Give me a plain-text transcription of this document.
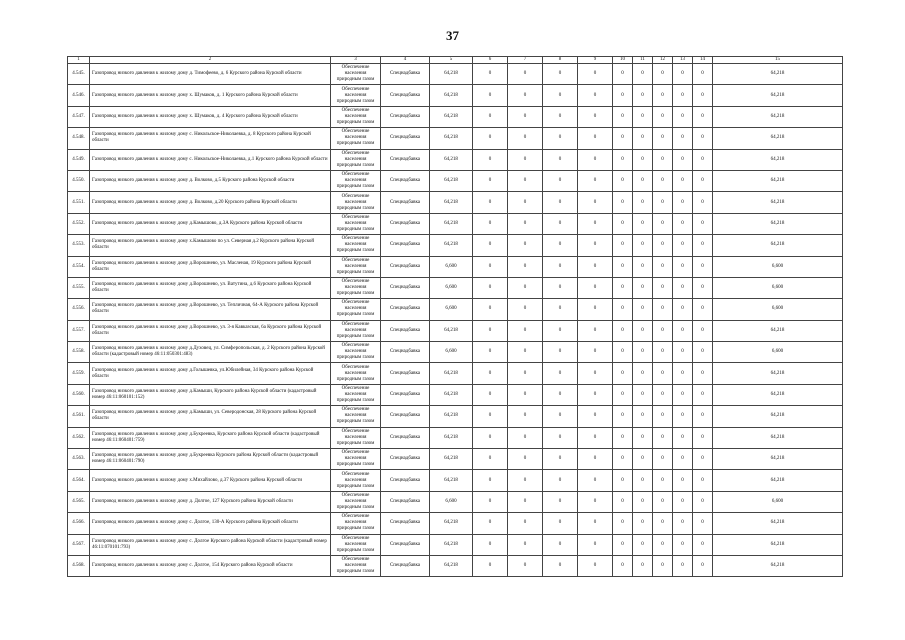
37
1	2	3	4	5	6	7	8	9	10	11	12	13	14	15
4.545.	Газопровод низкого давления к жилому дому д. Тимофеево, д. 6 Курского района Курской области	Обеспечение населения природным газом	Спецнадбавка	64,218	0	0	0	0	0	0	0	0	0	64,218
4.546.	Газопровод низкого давления к жилому дому х. Шумаков, д. 1 Курского района Курской области	Обеспечение населения природным газом	Спецнадбавка	64,218	0	0	0	0	0	0	0	0	0	64,218
4.547.	Газопровод низкого давления к жилому дому х. Шумаков, д. 4 Курского района Курской области	Обеспечение населения природным газом	Спецнадбавка	64,218	0	0	0	0	0	0	0	0	0	64,218
4.548.	Газопровод низкого давления к жилому дому с. Никольское-Николаевка, д. 8 Курского района Курской области	Обеспечение населения природным газом	Спецнадбавка	64,218	0	0	0	0	0	0	0	0	0	64,218
4.549.	Газопровод низкого давления к жилому дому с. Никольское-Николаевка, д.1 Курского района Курской области	Обеспечение населения природным газом	Спецнадбавка	64,218	0	0	0	0	0	0	0	0	0	64,218
4.550.	Газопровод низкого давления к жилому дому д. Волково, д.5 Курского района Курской области	Обеспечение населения природным газом	Спецнадбавка	64,218	0	0	0	0	0	0	0	0	0	64,218
4.551.	Газопровод низкого давления к жилому дому д. Волково, д.20 Курского района Курской области	Обеспечение населения природным газом	Спецнадбавка	64,218	0	0	0	0	0	0	0	0	0	64,218
4.552.	Газопровод низкого давления к жилому дому д.Камышово, д.3А Курского района Курской области	Обеспечение населения природным газом	Спецнадбавка	64,218	0	0	0	0	0	0	0	0	0	64,218
4.553.	Газопровод низкого давления к жилому дому х.Камышово по ул. Северная д.2 Курского района Курской области	Обеспечение населения природным газом	Спецнадбавка	64,218	0	0	0	0	0	0	0	0	0	64,218
4.554.	Газопровод низкого давления к жилому дому д.Ворошнево, ул. Масленая, 19 Курского района Курской области	Обеспечение населения природным газом	Спецнадбавка	6,600	0	0	0	0	0	0	0	0	0	6,600
4.555.	Газопровод низкого давления к жилому дому д.Ворошнево, ул. Ватутина, д.6 Курского района Курской области	Обеспечение населения природным газом	Спецнадбавка	6,600	0	0	0	0	0	0	0	0	0	6,600
4.556.	Газопровод низкого давления к жилому дому д.Ворошнево, ул. Тепличная, 64-А Курского района Курской области	Обеспечение населения природным газом	Спецнадбавка	6,600	0	0	0	0	0	0	0	0	0	6,600
4.557.	Газопровод низкого давления к жилому дому д.Ворошнево, ул. 3-я Кавказская, 6а Курского района Курской области	Обеспечение населения природным газом	Спецнадбавка	64,218	0	0	0	0	0	0	0	0	0	64,218
4.558.	Газопровод низкого давления к жилому дому д.Духовец, ул. Симферопольская, д. 2 Курского района Курской области (кадастровый номер 46:11:050301:483)	Обеспечение населения природным газом	Спецнадбавка	6,600	0	0	0	0	0	0	0	0	0	6,600
4.559.	Газопровод низкого давления к жилому дому д.Голышевка, ул.Юбилейная, 34 Курского района Курской области	Обеспечение населения природным газом	Спецнадбавка	64,218	0	0	0	0	0	0	0	0	0	64,218
4.560.	Газопровод низкого давления к жилому дому д.Камыши, Курского района Курской области (кадастровый номер 46:11:060101:152)	Обеспечение населения природным газом	Спецнадбавка	64,218	0	0	0	0	0	0	0	0	0	64,218
4.561.	Газопровод низкого давления к жилому дому д.Камыши, ул. Северодонская, 28 Курского района Курской области	Обеспечение населения природным газом	Спецнадбавка	64,218	0	0	0	0	0	0	0	0	0	64,218
4.562.	Газопровод низкого давления к жилому дому д.Букреевка, Курского района Курской области (кадастровый номер 46:11:060401:759)	Обеспечение населения природным газом	Спецнадбавка	64,218	0	0	0	0	0	0	0	0	0	64,218
4.563.	Газопровод низкого давления к жилому дому д.Букреевка Курского района Курской области (кадастровый номер 46:11:060401:790)	Обеспечение населения природным газом	Спецнадбавка	64,218	0	0	0	0	0	0	0	0	0	64,218
4.564.	Газопровод низкого давления к жилому дому х.Михайлово, д.37 Курского района Курской области	Обеспечение населения природным газом	Спецнадбавка	64,218	0	0	0	0	0	0	0	0	0	64,218
4.565.	Газопровод низкого давления к жилому дому д. Долгое, 127 Курского района Курской области	Обеспечение населения природным газом	Спецнадбавка	6,600	0	0	0	0	0	0	0	0	0	6,600
4.566.	Газопровод низкого давления к жилому дому с. Долгое, 130-А Курского района Курской области	Обеспечение населения природным газом	Спецнадбавка	64,218	0	0	0	0	0	0	0	0	0	64,218
4.567.	Газопровод низкого давления к жилому дому с. Долгое Курского района Курской области (кадастровый номер 46:11:070101:793)	Обеспечение населения природным газом	Спецнадбавка	64,218	0	0	0	0	0	0	0	0	0	64,218
4.568.	Газопровод низкого давления к жилому дому с. Долгое, 154 Курского района Курской области	Обеспечение населения природным газом	Спецнадбавка	64,218	0	0	0	0	0	0	0	0	0	64,218
